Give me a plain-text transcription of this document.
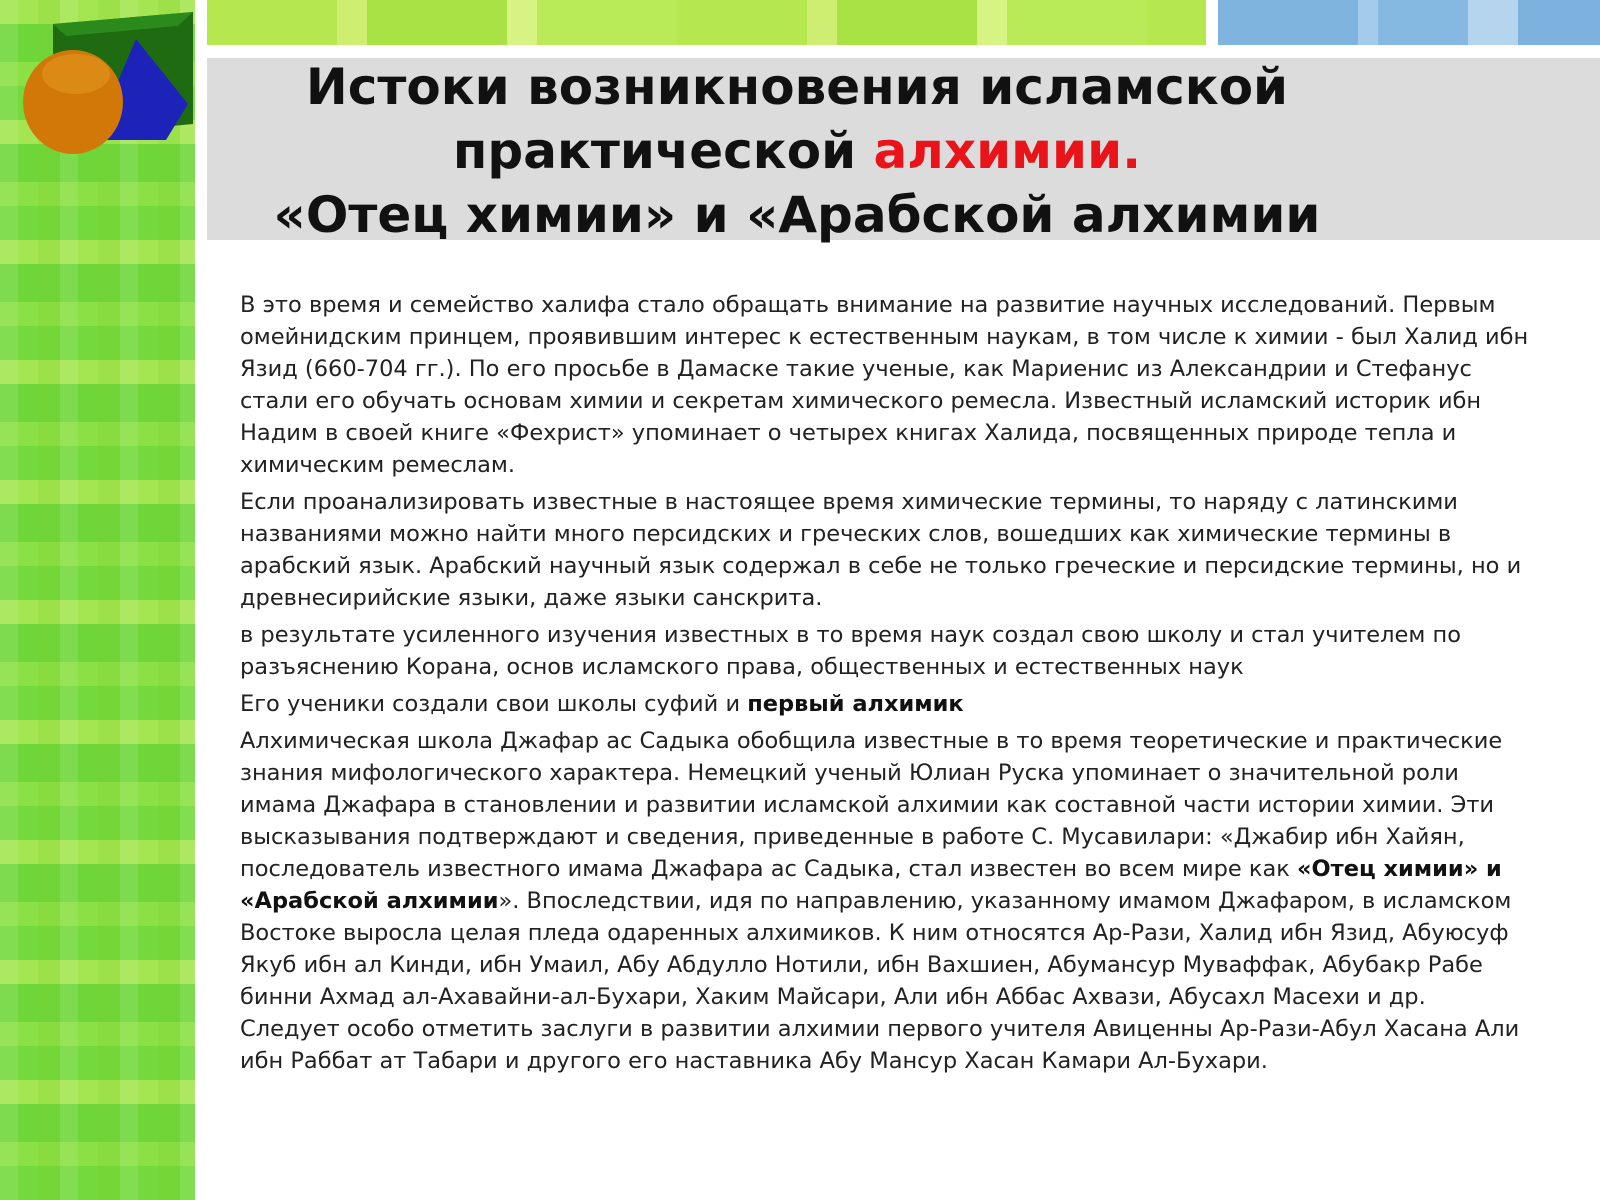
Истоки возникновения исламской
практической алхимии.
«Отец химии» и «Арабской алхимии

В это время и семейство халифа стало обращать внимание на развитие научных исследований. Первым омейнидским принцем, проявившим интерес к естественным наукам, в том числе к химии - был Халид ибн Язид (660-704 гг.). По его просьбе в Дамаске такие ученые, как Мариенис из Александрии и Стефанус стали его обучать основам химии и секретам химического ремесла. Известный исламский историк ибн Надим в своей книге «Фехрист» упоминает о четырех книгах Халида, посвященных природе тепла и химическим ремеслам.

Если проанализировать известные в настоящее время химические термины, то наряду с латинскими названиями можно найти много персидских и греческих слов, вошедших как химические термины в арабский язык. Арабский научный язык содержал в себе не только греческие и персидские термины, но и древнесирийские языки, даже языки санскрита.

в результате усиленного изучения известных в то время наук создал свою школу и стал учителем по разъяснению Корана, основ исламского права, общественных и естественных наук

Его ученики создали свои школы суфий и первый алхимик

Алхимическая школа Джафар ас Садыка обобщила известные в то время теоретические и практические знания мифологического характера. Немецкий ученый Юлиан Руска упоминает о значительной роли имама Джафара в становлении и развитии исламской алхимии как составной части истории химии. Эти высказывания подтверждают и сведения, приведенные в работе С. Мусавилари: «Джабир ибн Хайян, последователь известного имама Джафара ас Садыка, стал известен во всем мире как «Отец химии» и «Арабской алхимии». Впоследствии, идя по направлению, указанному имамом Джафаром, в исламском Востоке выросла целая пледа одаренных алхимиков. К ним относятся Ар-Рази, Халид ибн Язид, Абуюсуф Якуб ибн ал Кинди, ибн Умаил, Абу Абдулло Нотили, ибн Вахшиен, Абумансур Муваффак, Абубакр Рабе бинни Ахмад ал-Ахавайни-ал-Бухари, Хаким Майсари, Али ибн Аббас Ахвази, Абусахл Масехи и др. Следует особо отметить заслуги в развитии алхимии первого учителя Авиценны Ар-Рази-Абул Хасана Али ибн Раббат ат Табари и другого его наставника Абу Мансур Хасан Камари Ал-Бухари.
